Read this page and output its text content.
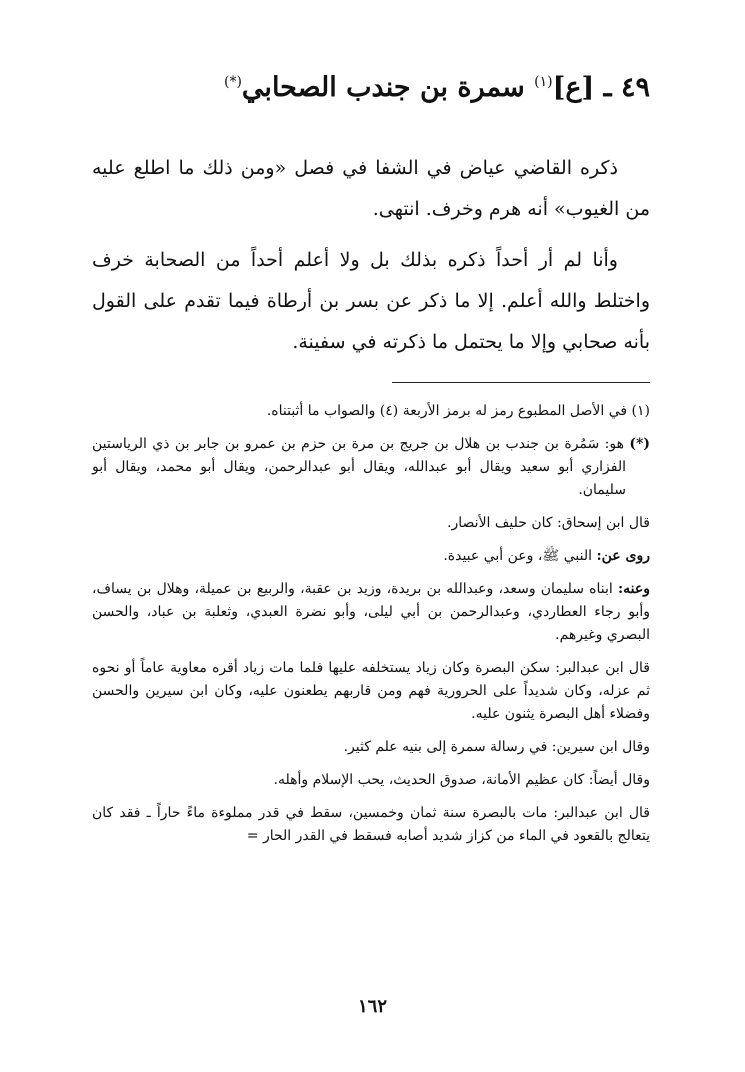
٤٩ ـ [ع]$^{(١)}$ سمرة بن جندب الصحابي(*)

ذكره القاضي عياض في الشفا في فصل «ومن ذلك ما اطلع عليه من الغيوب» أنه هرم وخرف. انتهى.

وأنا لم أر أحداً ذكره بذلك بل ولا أعلم أحداً من الصحابة خرف واختلط والله أعلم. إلا ما ذكر عن بسر بن أرطاة فيما تقدم على القول بأنه صحابي وإلا ما يحتمل ما ذكرته في سفينة.

(١) في الأصل المطبوع رمز له برمز الأربعة (٤) والصواب ما أثبتناه.

(*) هو: سَمُرة بن جندب بن هلال بن جريج بن مرة بن حزم بن عمرو بن جابر بن ذي الرياستين الفزاري أبو سعيد ويقال أبو عبدالله، ويقال أبو عبدالرحمن، ويقال أبو محمد، ويقال أبو سليمان.

قال ابن إسحاق: كان حليف الأنصار.

روى عن: النبي ﷺ، وعن أبي عبيدة.

وعنه: ابناه سليمان وسعد، وعبدالله بن بريدة، وزيد بن عقبة، والربيع بن عميلة، وهلال بن يساف، وأبو رجاء العطاردي، وعبدالرحمن بن أبي ليلى، وأبو نضرة العبدي، وثعلبة بن عباد، والحسن البصري وغيرهم.

قال ابن عبدالبر: سكن البصرة وكان زياد يستخلفه عليها فلما مات زياد أقره معاوية عاماً أو نحوه ثم عزله، وكان شديداً على الحرورية فهم ومن قاربهم يطعنون عليه، وكان ابن سيرين والحسن وفضلاء أهل البصرة يثنون عليه.

وقال ابن سيرين: في رسالة سمرة إلى بنيه علم كثير.

وقال أيضاً: كان عظيم الأمانة، صدوق الحديث، يحب الإسلام وأهله.

قال ابن عبدالبر: مات بالبصرة سنة ثمان وخمسين، سقط في قدر مملوءة ماءً حاراً ـ فقد كان يتعالج بالقعود في الماء من كزاز شديد أصابه فسقط في القدر الحار =

١٦٢
